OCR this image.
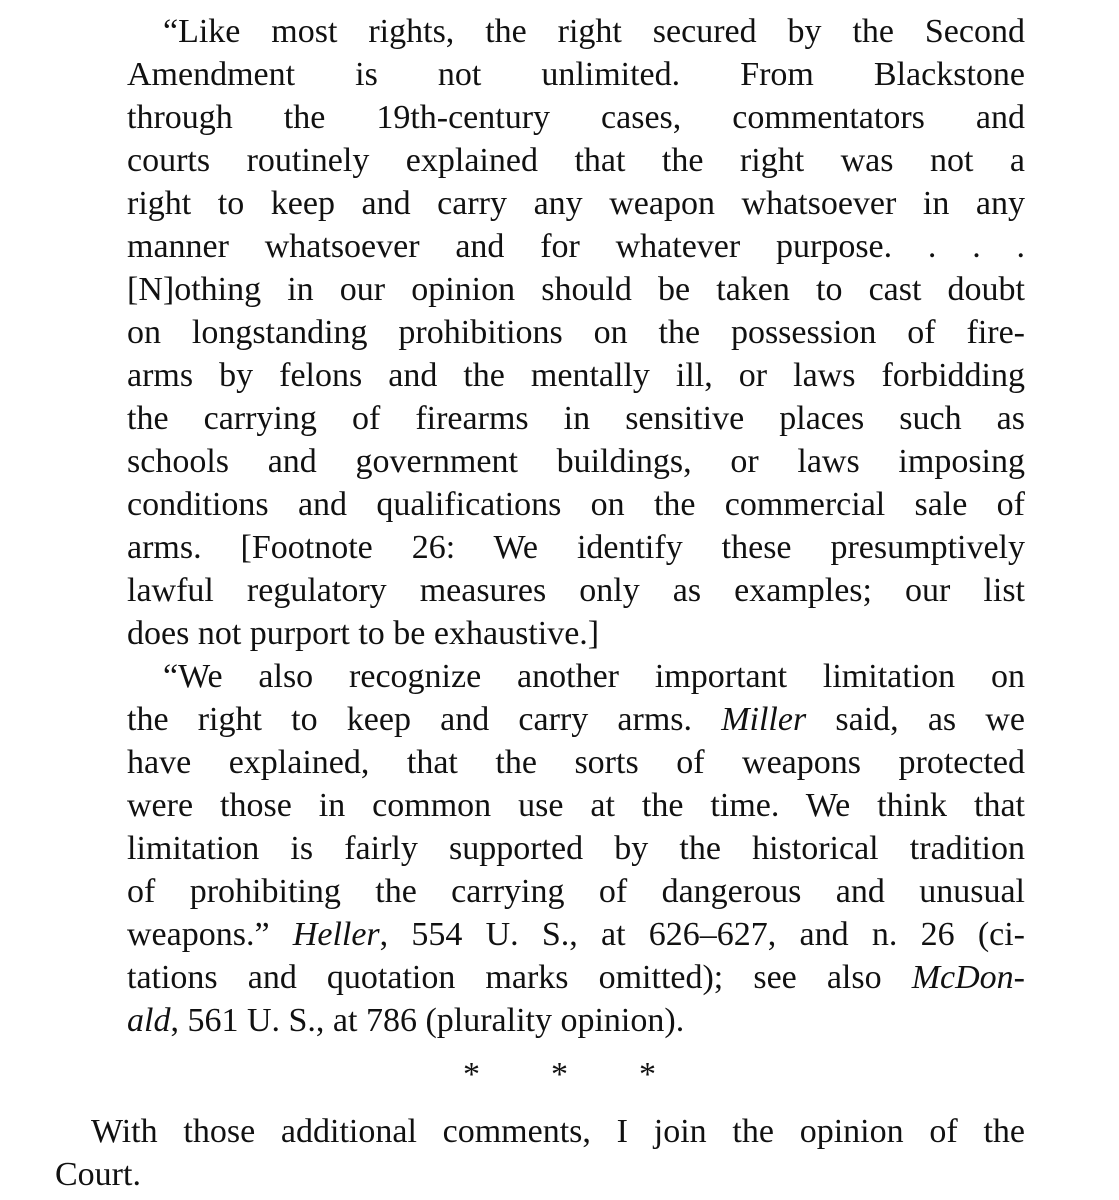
“Like most rights, the right secured by the Second
Amendment is not unlimited. From Blackstone
through the 19th-century cases, commentators and
courts routinely explained that the right was not a
right to keep and carry any weapon whatsoever in any
manner whatsoever and for whatever purpose. . . .
[N]othing in our opinion should be taken to cast doubt
on longstanding prohibitions on the possession of fire-
arms by felons and the mentally ill, or laws forbidding
the carrying of firearms in sensitive places such as
schools and government buildings, or laws imposing
conditions and qualifications on the commercial sale of
arms. [Footnote 26: We identify these presumptively
lawful regulatory measures only as examples; our list
does not purport to be exhaustive.]
“We also recognize another important limitation on
the right to keep and carry arms. Miller said, as we
have explained, that the sorts of weapons protected
were those in common use at the time. We think that
limitation is fairly supported by the historical tradition
of prohibiting the carrying of dangerous and unusual
weapons.” Heller, 554 U. S., at 626–627, and n. 26 (ci-
tations and quotation marks omitted); see also McDon-
ald, 561 U. S., at 786 (plurality opinion).
* * *
With those additional comments, I join the opinion of the
Court.
